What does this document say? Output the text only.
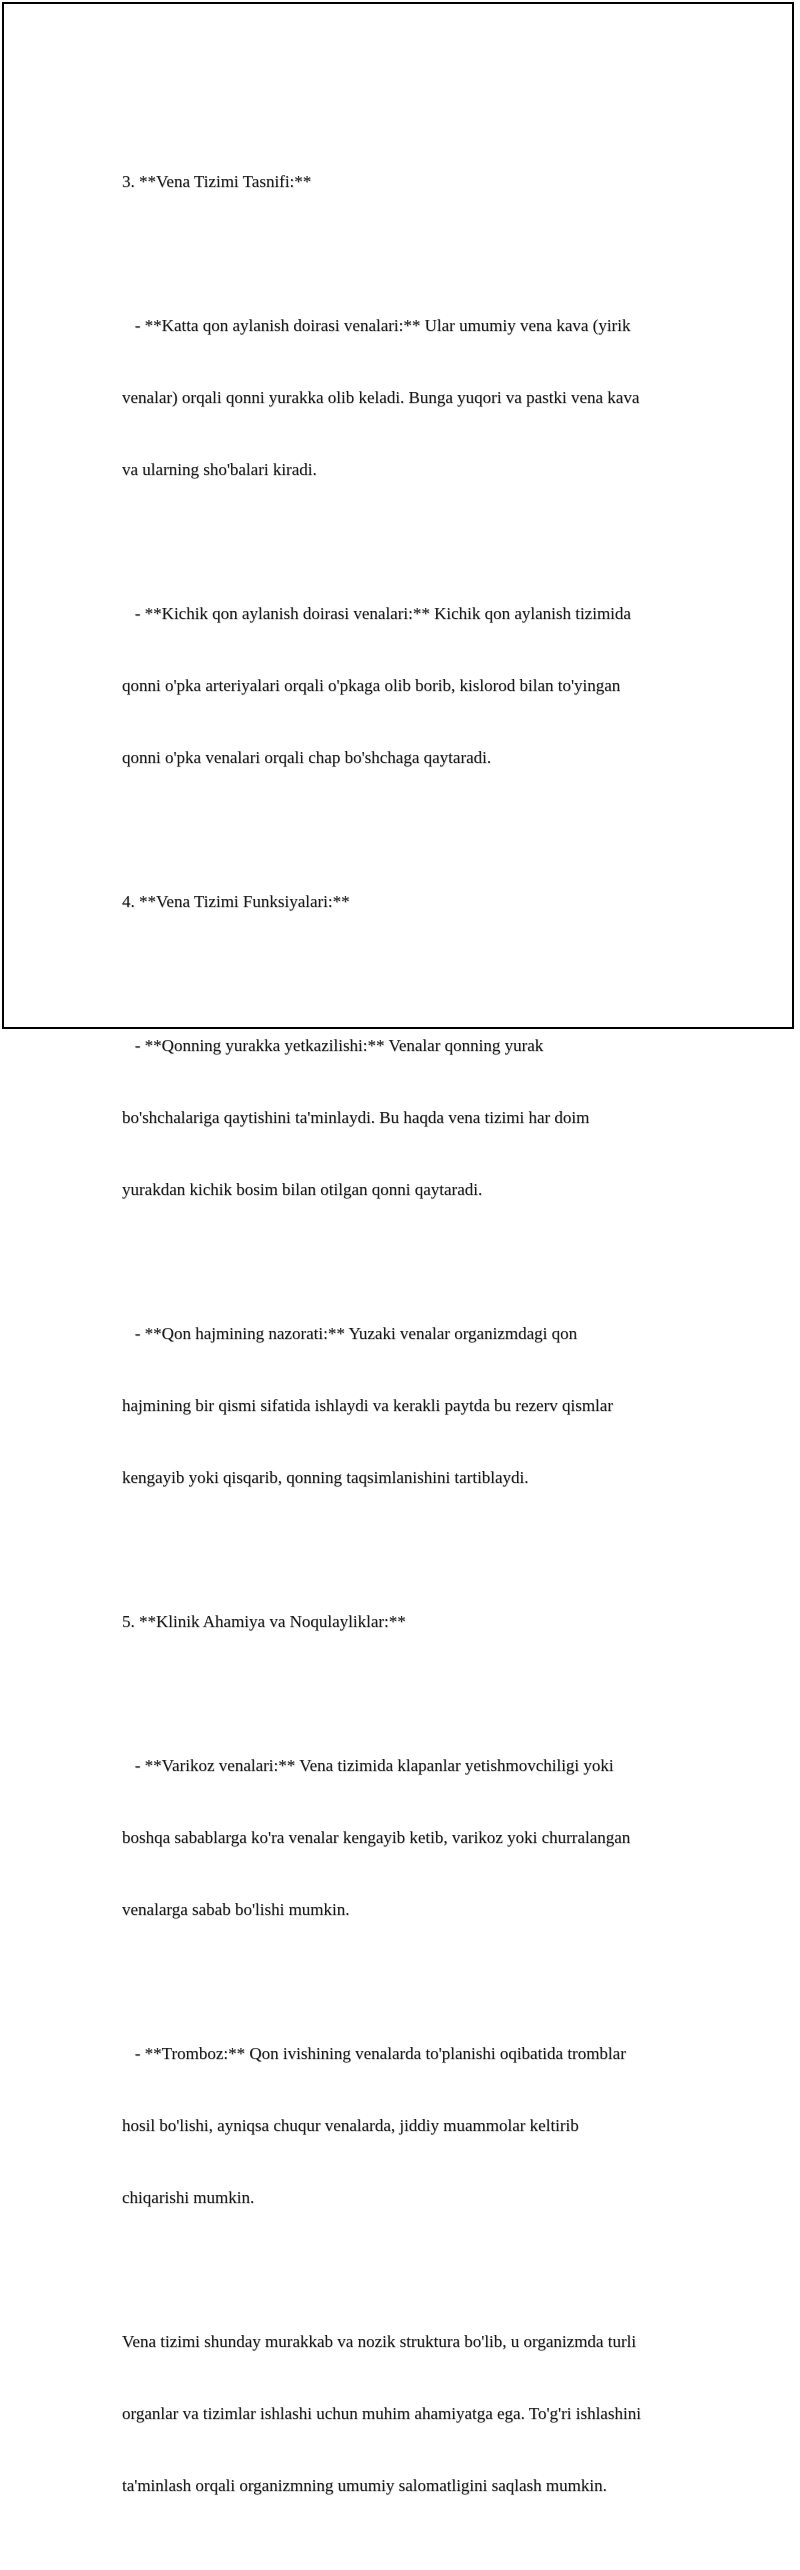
3. **Vena Tizimi Tasnifi:**

- **Katta qon aylanish doirasi venalari:** Ular umumiy vena kava (yirik

venalar) orqali qonni yurakka olib keladi. Bunga yuqori va pastki vena kava

va ularning sho'balari kiradi.

- **Kichik qon aylanish doirasi venalari:** Kichik qon aylanish tizimida

qonni o'pka arteriyalari orqali o'pkaga olib borib, kislorod bilan to'yingan

qonni o'pka venalari orqali chap bo'shchaga qaytaradi.

4. **Vena Tizimi Funksiyalari:**

- **Qonning yurakka yetkazilishi:** Venalar qonning yurak

bo'shchalariga qaytishini ta'minlaydi. Bu haqda vena tizimi har doim

yurakdan kichik bosim bilan otilgan qonni qaytaradi.

- **Qon hajmining nazorati:** Yuzaki venalar organizmdagi qon

hajmining bir qismi sifatida ishlaydi va kerakli paytda bu rezerv qismlar

kengayib yoki qisqarib, qonning taqsimlanishini tartiblaydi.

5. **Klinik Ahamiya va Noqulayliklar:**

- **Varikoz venalari:** Vena tizimida klapanlar yetishmovchiligi yoki

boshqa sabablarga ko'ra venalar kengayib ketib, varikoz yoki churralangan

venalarga sabab bo'lishi mumkin.

- **Tromboz:** Qon ivishining venalarda to'planishi oqibatida tromblar

hosil bo'lishi, ayniqsa chuqur venalarda, jiddiy muammolar keltirib

chiqarishi mumkin.

Vena tizimi shunday murakkab va nozik struktura bo'lib, u organizmda turli

organlar va tizimlar ishlashi uchun muhim ahamiyatga ega. To'g'ri ishlashini

ta'minlash orqali organizmning umumiy salomatligini saqlash mumkin.
